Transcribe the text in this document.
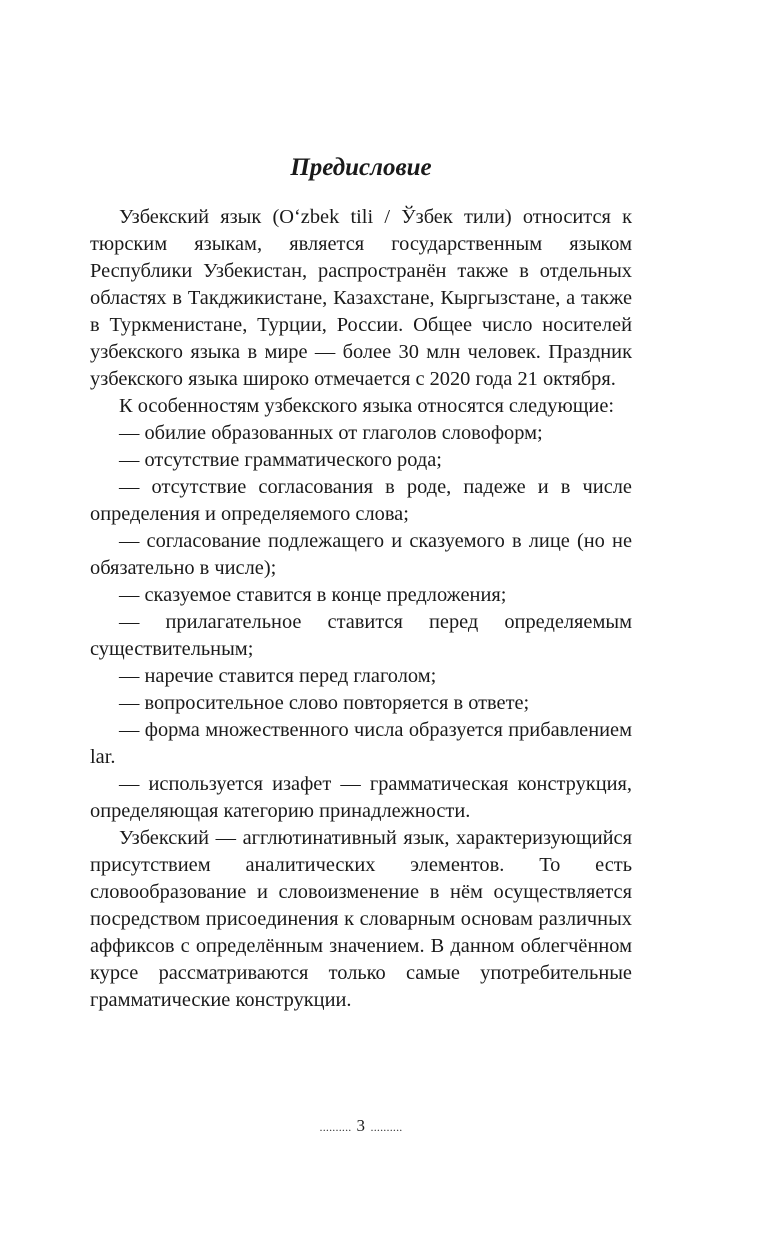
Предисловие

Узбекский язык (O‘zbek tili / Ўзбек тили) относится к тюрским языкам, является государственным языком Республики Узбекистан, распространён также в отдельных областях в Такджикистане, Казахстане, Кыргызстане, а также в Туркменистане, Турции, России. Общее число носителей узбекского языка в мире — более 30 млн человек. Праздник узбекского языка широко отмечается с 2020 года 21 октября.

К особенностям узбекского языка относятся следующие:

— обилие образованных от глаголов словоформ;

— отсутствие грамматического рода;

— отсутствие согласования в роде, падеже и в числе определения и определяемого слова;

— согласование подлежащего и сказуемого в лице (но не обязательно в числе);

— сказуемое ставится в конце предложения;

— прилагательное ставится перед определяемым существительным;

— наречие ставится перед глаголом;

— вопросительное слово повторяется в ответе;

— форма множественного числа образуется прибавлением lar.

— используется изафет — грамматическая конструкция, определяющая категорию принадлежности.

Узбекский — агглютинативный язык, характеризующийся присутствием аналитических элементов. То есть словообразование и словоизменение в нём осуществляется посредством присоединения к словарным основам различных аффиксов с определённым значением. В данном облегчённом курсе рассматриваются только самые употребительные грамматические конструкции.

.......... 3 ..........
